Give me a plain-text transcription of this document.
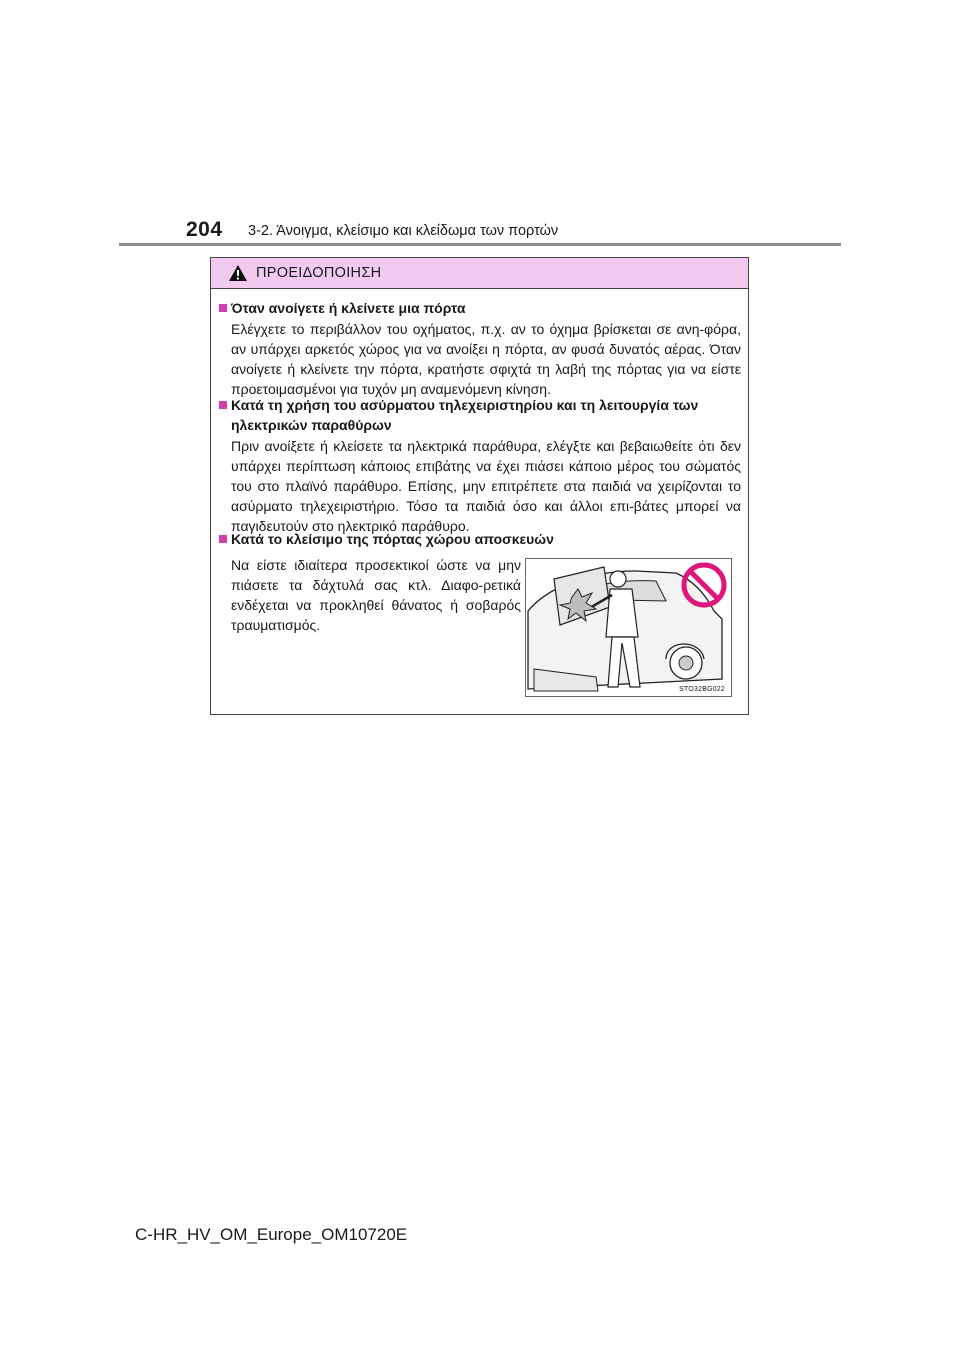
204 3-2. Άνοιγμα, κλείσιμο και κλείδωμα των πορτών
ΠΡΟΕΙΔΟΠΟΙΗΣΗ
Όταν ανοίγετε ή κλείνετε μια πόρτα
Ελέγχετε το περιβάλλον του οχήματος, π.χ. αν το όχημα βρίσκεται σε ανη-φόρα, αν υπάρχει αρκετός χώρος για να ανοίξει η πόρτα, αν φυσά δυνατός αέρας. Όταν ανοίγετε ή κλείνετε την πόρτα, κρατήστε σφιχτά τη λαβή της πόρτας για να είστε προετοιμασμένοι για τυχόν μη αναμενόμενη κίνηση.
Κατά τη χρήση του ασύρματου τηλεχειριστηρίου και τη λειτουργία των
ηλεκτρικών παραθύρων
Πριν ανοίξετε ή κλείσετε τα ηλεκτρικά παράθυρα, ελέγξτε και βεβαιωθείτε ότι δεν υπάρχει περίπτωση κάποιος επιβάτης να έχει πιάσει κάποιο μέρος του σώματός του στο πλαϊνό παράθυρο. Επίσης, μην επιτρέπετε στα παιδιά να χειρίζονται το ασύρματο τηλεχειριστήριο. Τόσο τα παιδιά όσο και άλλοι επι-βάτες μπορεί να παγιδευτούν στο ηλεκτρικό παράθυρο.
Κατά το κλείσιμο της πόρτας χώρου αποσκευών
Να είστε ιδιαίτερα προσεκτικοί ώστε να μην πιάσετε τα δάχτυλά σας κτλ. Διαφο-ρετικά ενδέχεται να προκληθεί θάνατος ή σοβαρός τραυματισμός.
STO32BG022
C-HR_HV_OM_Europe_OM10720E
